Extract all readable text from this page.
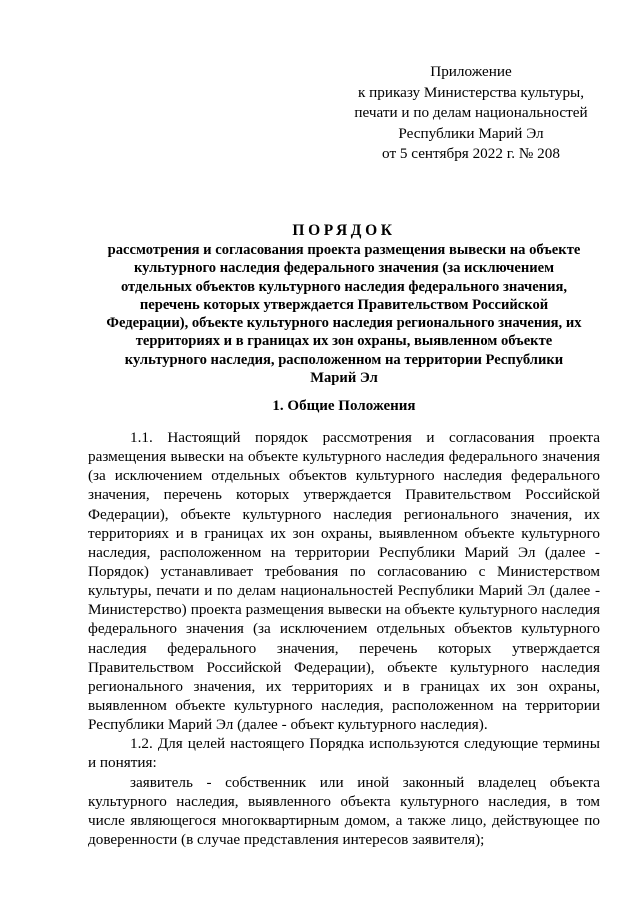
Приложение
к приказу Министерства культуры,
печати и по делам национальностей
Республики Марий Эл
от 5 сентября 2022 г. № 208
ПОРЯДОК
рассмотрения и согласования проекта размещения вывески на объекте
культурного наследия федерального значения (за исключением
отдельных объектов культурного наследия федерального значения,
перечень которых утверждается Правительством Российской
Федерации), объекте культурного наследия регионального значения, их
территориях и в границах их зон охраны, выявленном объекте
культурного наследия, расположенном на территории Республики
Марий Эл
1. Общие Положения
1.1. Настоящий порядок рассмотрения и согласования проекта
размещения вывески на объекте культурного наследия федерального значения
(за исключением отдельных объектов культурного наследия федерального
значения, перечень которых утверждается Правительством Российской
Федерации), объекте культурного наследия регионального значения, их
территориях и в границах их зон охраны, выявленном объекте культурного
наследия, расположенном на территории Республики Марий Эл (далее -
Порядок) устанавливает требования по согласованию с Министерством
культуры, печати и по делам национальностей Республики Марий Эл (далее -
Министерство) проекта размещения вывески на объекте культурного наследия
федерального значения (за исключением отдельных объектов культурного
наследия федерального значения, перечень которых утверждается
Правительством Российской Федерации), объекте культурного наследия
регионального значения, их территориях и в границах их зон охраны,
выявленном объекте культурного наследия, расположенном на территории
Республики Марий Эл (далее - объект культурного наследия).
1.2. Для целей настоящего Порядка используются следующие термины
и понятия:
заявитель - собственник или иной законный владелец объекта
культурного наследия, выявленного объекта культурного наследия, в том
числе являющегося многоквартирным домом, а также лицо, действующее по
доверенности (в случае представления интересов заявителя);
